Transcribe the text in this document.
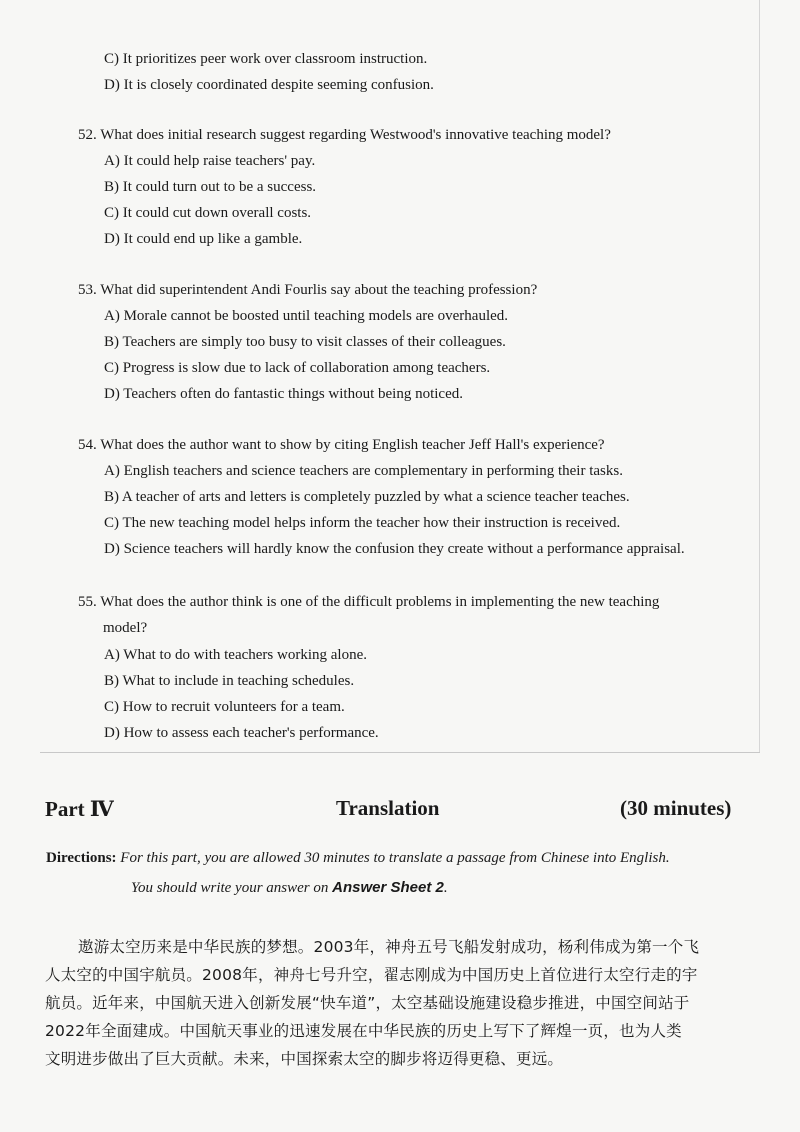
C) It prioritizes peer work over classroom instruction.
D) It is closely coordinated despite seeming confusion.
52. What does initial research suggest regarding Westwood's innovative teaching model?
A) It could help raise teachers' pay.
B) It could turn out to be a success.
C) It could cut down overall costs.
D) It could end up like a gamble.
53. What did superintendent Andi Fourlis say about the teaching profession?
A) Morale cannot be boosted until teaching models are overhauled.
B) Teachers are simply too busy to visit classes of their colleagues.
C) Progress is slow due to lack of collaboration among teachers.
D) Teachers often do fantastic things without being noticed.
54. What does the author want to show by citing English teacher Jeff Hall's experience?
A) English teachers and science teachers are complementary in performing their tasks.
B) A teacher of arts and letters is completely puzzled by what a science teacher teaches.
C) The new teaching model helps inform the teacher how their instruction is received.
D) Science teachers will hardly know the confusion they create without a performance appraisal.
55. What does the author think is one of the difficult problems in implementing the new teaching
model?
A) What to do with teachers working alone.
B) What to include in teaching schedules.
C) How to recruit volunteers for a team.
D) How to assess each teacher's performance.
Part Ⅳ	Translation	(30 minutes)
Directions: For this part, you are allowed 30 minutes to translate a passage from Chinese into English.
You should write your answer on Answer Sheet 2.
遨游太空历来是中华民族的梦想。2003年，神舟五号飞船发射成功，杨利伟成为第一个飞
人太空的中国宇航员。2008年，神舟七号升空，翟志刚成为中国历史上首位进行太空行走的宇
航员。近年来，中国航天进入创新发展“快车道”，太空基础设施建设稳步推进，中国空间站于
2022年全面建成。中国航天事业的迅速发展在中华民族的历史上写下了辉煌一页，也为人类
文明进步做出了巨大贡献。未来，中国探索太空的脚步将迈得更稳、更远。
